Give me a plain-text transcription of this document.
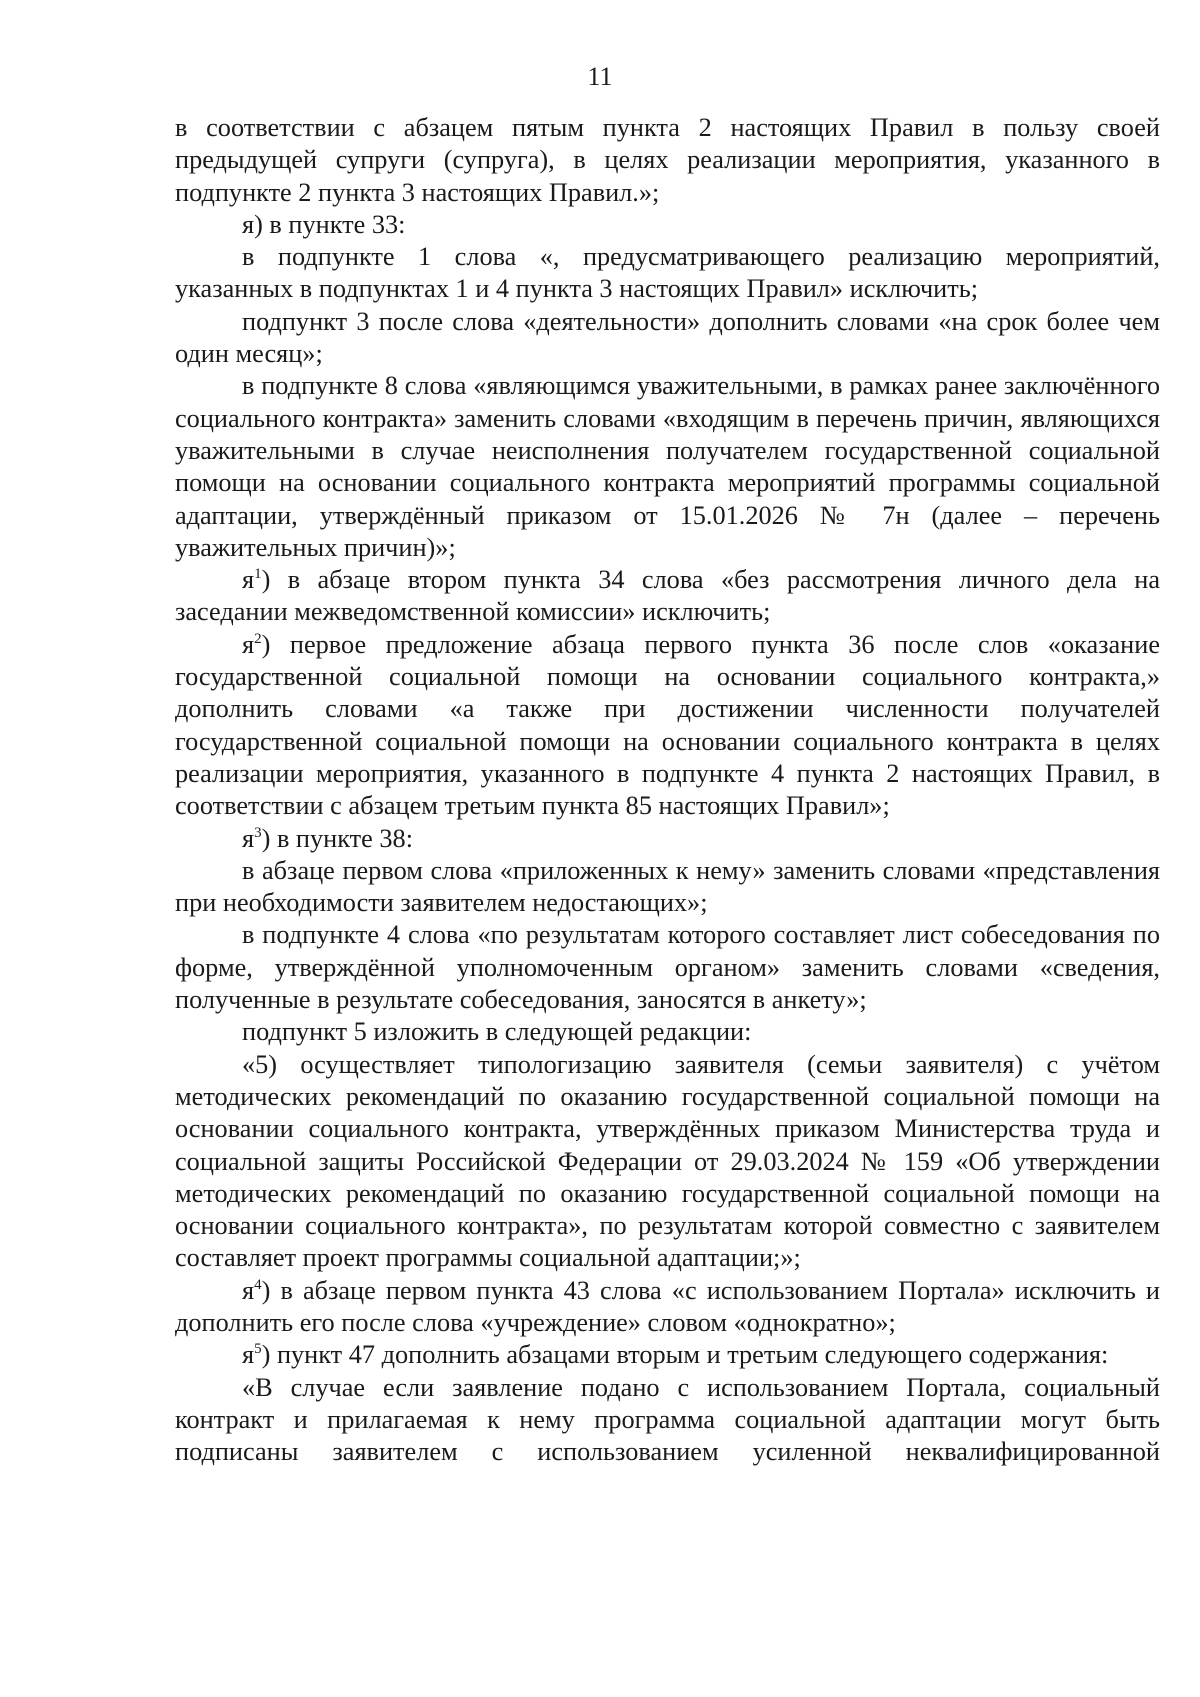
11

в соответствии с абзацем пятым пункта 2 настоящих Правил в пользу своей предыдущей супруги (супруга), в целях реализации мероприятия, указанного в подпункте 2 пункта 3 настоящих Правил.»;

я) в пункте 33:

в подпункте 1 слова «, предусматривающего реализацию мероприятий, указанных в подпунктах 1 и 4 пункта 3 настоящих Правил» исключить;

подпункт 3 после слова «деятельности» дополнить словами «на срок более чем один месяц»;

в подпункте 8 слова «являющимся уважительными, в рамках ранее заключённого социального контракта» заменить словами «входящим в перечень причин, являющихся уважительными в случае неисполнения получателем государственной социальной помощи на основании социального контракта мероприятий программы социальной адаптации, утверждённый приказом от 15.01.2026 № 7н (далее – перечень уважительных причин)»;

$я^1$) в абзаце втором пункта 34 слова «без рассмотрения личного дела на заседании межведомственной комиссии» исключить;

$я^2$) первое предложение абзаца первого пункта 36 после слов «оказание государственной социальной помощи на основании социального контракта,» дополнить словами «а также при достижении численности получателей государственной социальной помощи на основании социального контракта в целях реализации мероприятия, указанного в подпункте 4 пункта 2 настоящих Правил, в соответствии с абзацем третьим пункта 85 настоящих Правил»;

$я^3$) в пункте 38:

в абзаце первом слова «приложенных к нему» заменить словами «представления при необходимости заявителем недостающих»;

в подпункте 4 слова «по результатам которого составляет лист собеседования по форме, утверждённой уполномоченным органом» заменить словами «сведения, полученные в результате собеседования, заносятся в анкету»;

подпункт 5 изложить в следующей редакции:

«5) осуществляет типологизацию заявителя (семьи заявителя) с учётом методических рекомендаций по оказанию государственной социальной помощи на основании социального контракта, утверждённых приказом Министерства труда и социальной защиты Российской Федерации от 29.03.2024 № 159 «Об утверждении методических рекомендаций по оказанию государственной социальной помощи на основании социального контракта», по результатам которой совместно с заявителем составляет проект программы социальной адаптации;»;

$я^4$) в абзаце первом пункта 43 слова «с использованием Портала» исключить и дополнить его после слова «учреждение» словом «однократно»;

$я^5$) пункт 47 дополнить абзацами вторым и третьим следующего содержания:

«В случае если заявление подано с использованием Портала, социальный контракт и прилагаемая к нему программа социальной адаптации могут быть подписаны заявителем с использованием усиленной неквалифицированной
